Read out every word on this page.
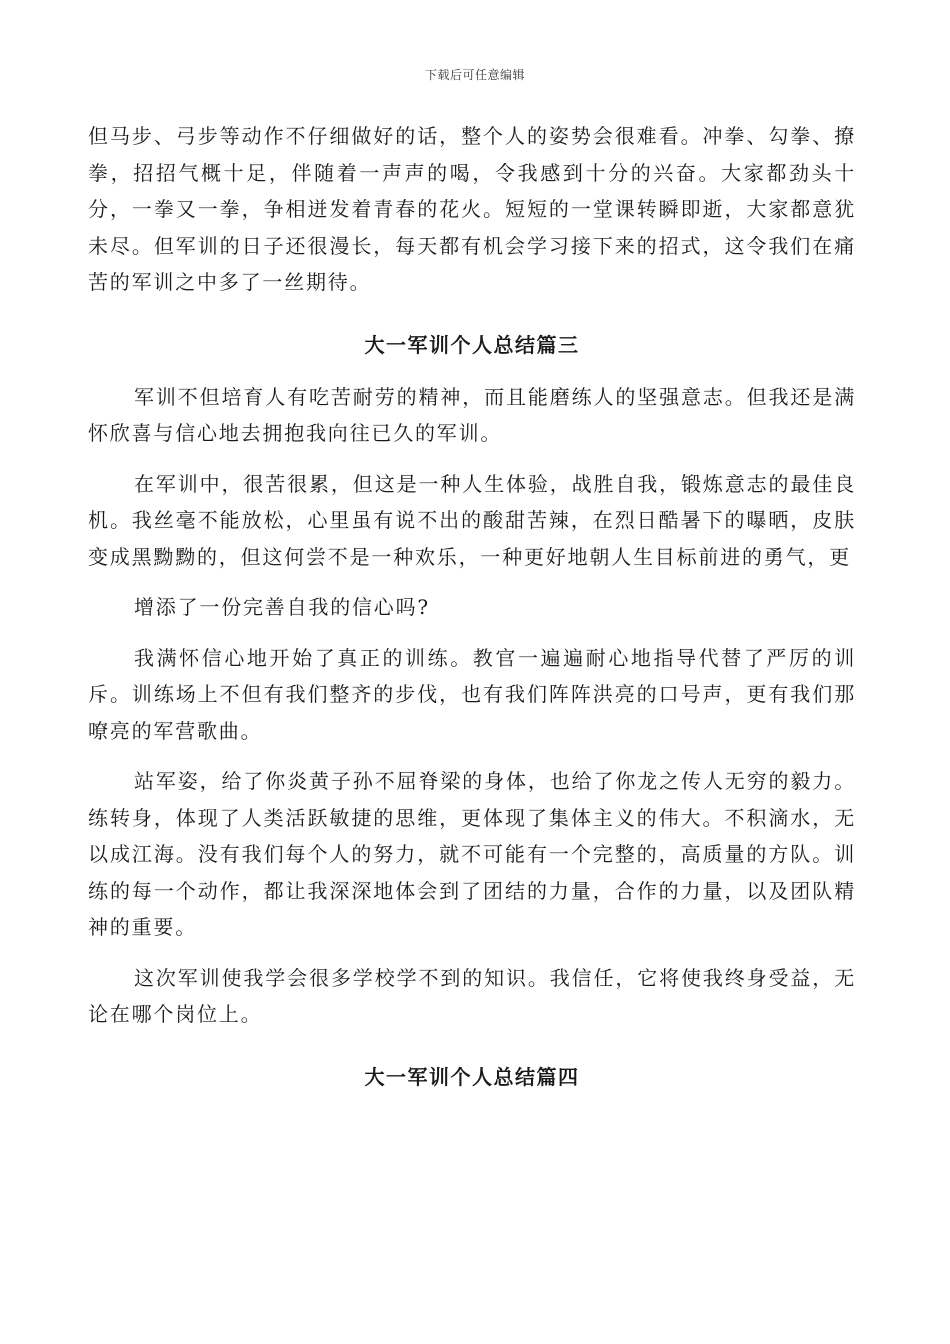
下载后可任意编辑

但马步、弓步等动作不仔细做好的话，整个人的姿势会很难看。冲拳、勾拳、撩拳，招招气概十足，伴随着一声声的喝，令我感到十分的兴奋。大家都劲头十分，一拳又一拳，争相迸发着青春的花火。短短的一堂课转瞬即逝，大家都意犹未尽。但军训的日子还很漫长，每天都有机会学习接下来的招式，这令我们在痛苦的军训之中多了一丝期待。

大一军训个人总结篇三

军训不但培育人有吃苦耐劳的精神，而且能磨练人的坚强意志。但我还是满怀欣喜与信心地去拥抱我向往已久的军训。

在军训中，很苦很累，但这是一种人生体验，战胜自我，锻炼意志的最佳良机。我丝毫不能放松，心里虽有说不出的酸甜苦辣，在烈日酷暑下的曝晒，皮肤变成黑黝黝的，但这何尝不是一种欢乐，一种更好地朝人生目标前进的勇气，更

增添了一份完善自我的信心吗?

我满怀信心地开始了真正的训练。教官一遍遍耐心地指导代替了严厉的训斥。训练场上不但有我们整齐的步伐，也有我们阵阵洪亮的口号声，更有我们那嘹亮的军营歌曲。

站军姿，给了你炎黄子孙不屈脊梁的身体，也给了你龙之传人无穷的毅力。练转身，体现了人类活跃敏捷的思维，更体现了集体主义的伟大。不积滴水，无以成江海。没有我们每个人的努力，就不可能有一个完整的，高质量的方队。训练的每一个动作，都让我深深地体会到了团结的力量，合作的力量，以及团队精神的重要。

这次军训使我学会很多学校学不到的知识。我信任，它将使我终身受益，无论在哪个岗位上。

大一军训个人总结篇四
